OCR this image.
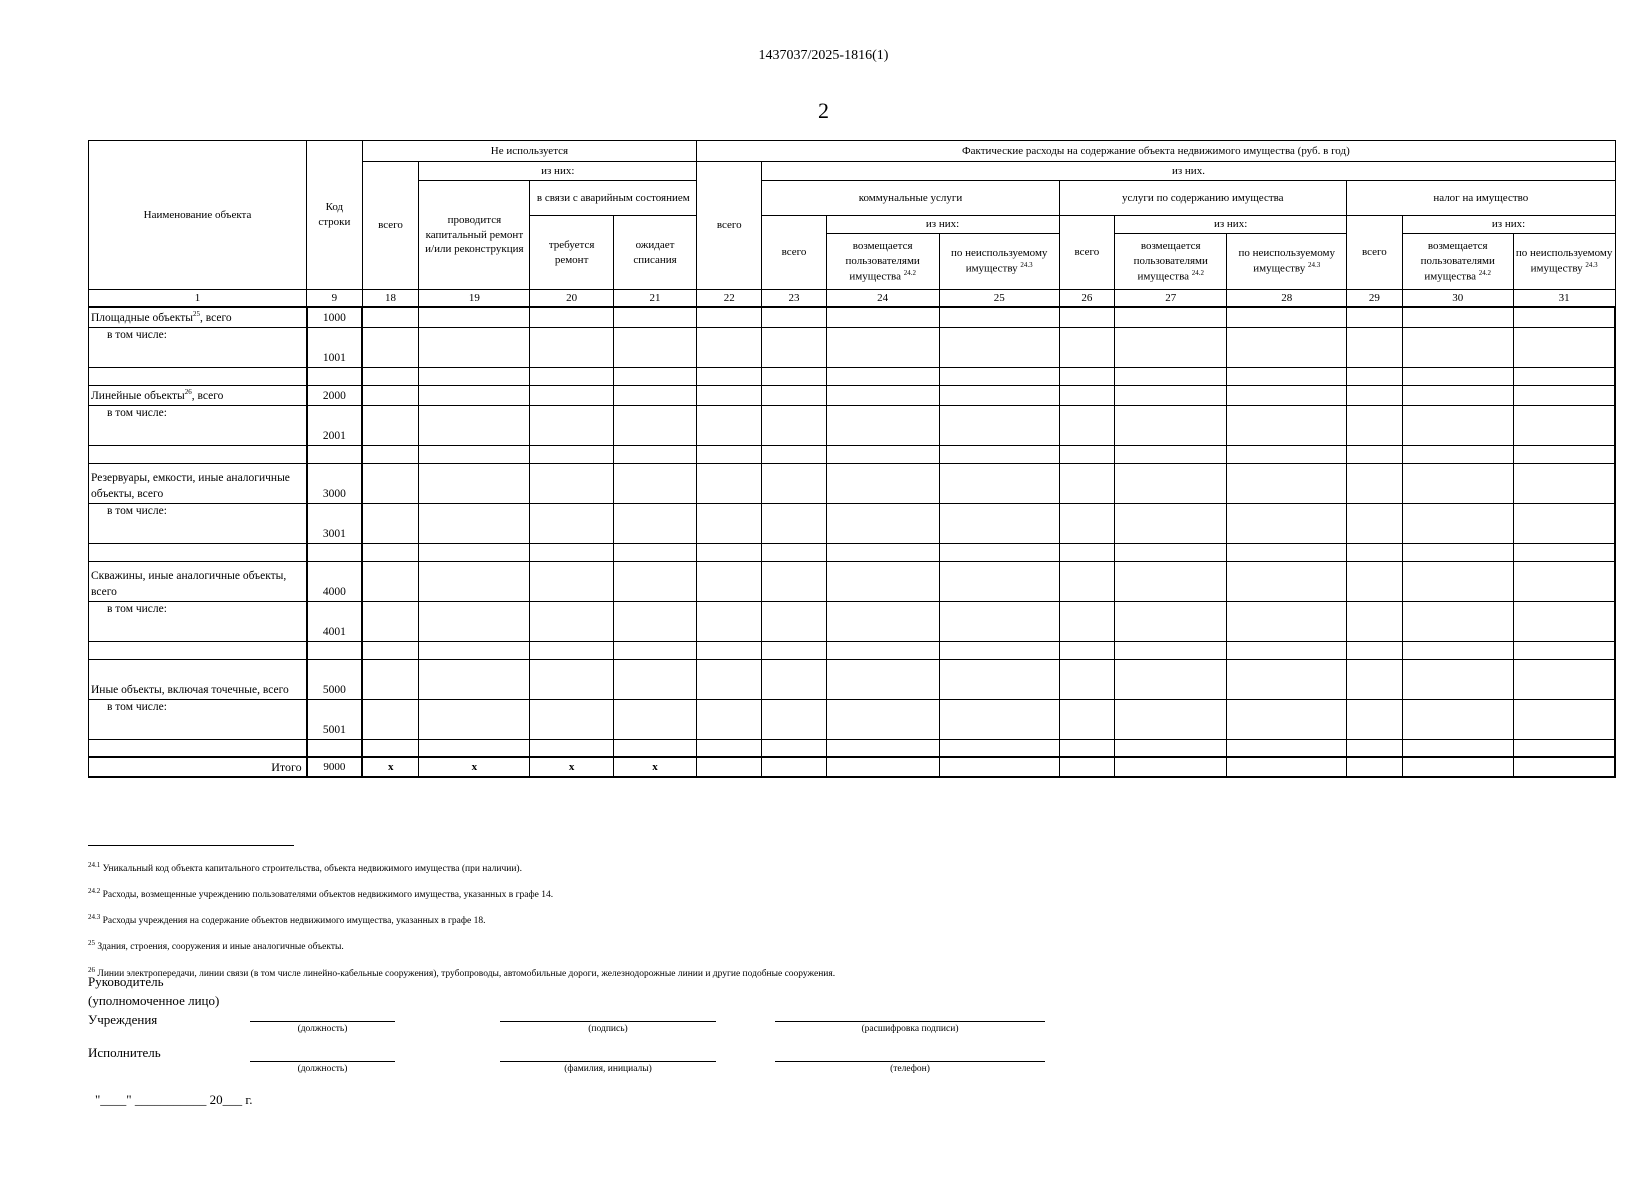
1437037/2025-1816(1)
2
Наименование объекта	Код строки	Не используется				Фактические расходы на содержание объекта недвижимого имущества (руб. в год)									
		всего	из них:			всего	из них.								
			проводится капитальный ремонт и/или реконструкция	в связи с аварийным состоянием			коммунальные услуги			услуги по содержанию имущества			налог на имущество		
				требуется ремонт	ожидает списания		всего	из них:		всего	из них:		всего	из них:	
								возмещается пользователями имущества $^{24.2}$	по неиспользуемому имуществу $^{24.3}$		возмещается пользователями имущества $^{24.2}$	по неиспользуемому имуществу $^{24.3}$		возмещается пользователями имущества $^{24.2}$	по неиспользуемому имуществу $^{24.3}$
1	9	18	19	20	21	22	23	24	25	26	27	28	29	30	31
Площадные объекты$^{25}$, всего	1000														
в том числе:	1001														

Линейные объекты$^{26}$, всего	2000														
в том числе:	2001														

Резервуары, емкости, иные аналогичные объекты, всего	3000														
в том числе:	3001														

Скважины, иные аналогичные объекты, всего	4000														
в том числе:	4001														

Иные объекты, включая точечные, всего	5000														
в том числе:	5001														

Итого	9000	x	x	x	x										
$^{24.1}$ Уникальный код объекта капитального строительства, объекта недвижимого имущества (при наличии).
$^{24.2}$ Расходы, возмещенные учреждению пользователями объектов недвижимого имущества, указанных в графе 14.
$^{24.3}$ Расходы учреждения на содержание объектов недвижимого имущества, указанных в графе 18.
$^{25}$ Здания, строения, сооружения и иные аналогичные объекты.
$^{26}$ Линии электропередачи, линии связи (в том числе линейно-кабельные сооружения), трубопроводы, автомобильные дороги, железнодорожные линии и другие подобные сооружения.
Руководитель
(уполномоченное лицо)
Учреждения
(должность)	(подпись)	(расшифровка подписи)
Исполнитель
(должность)	(фамилия, инициалы)	(телефон)
"____" ___________ 20___ г.
